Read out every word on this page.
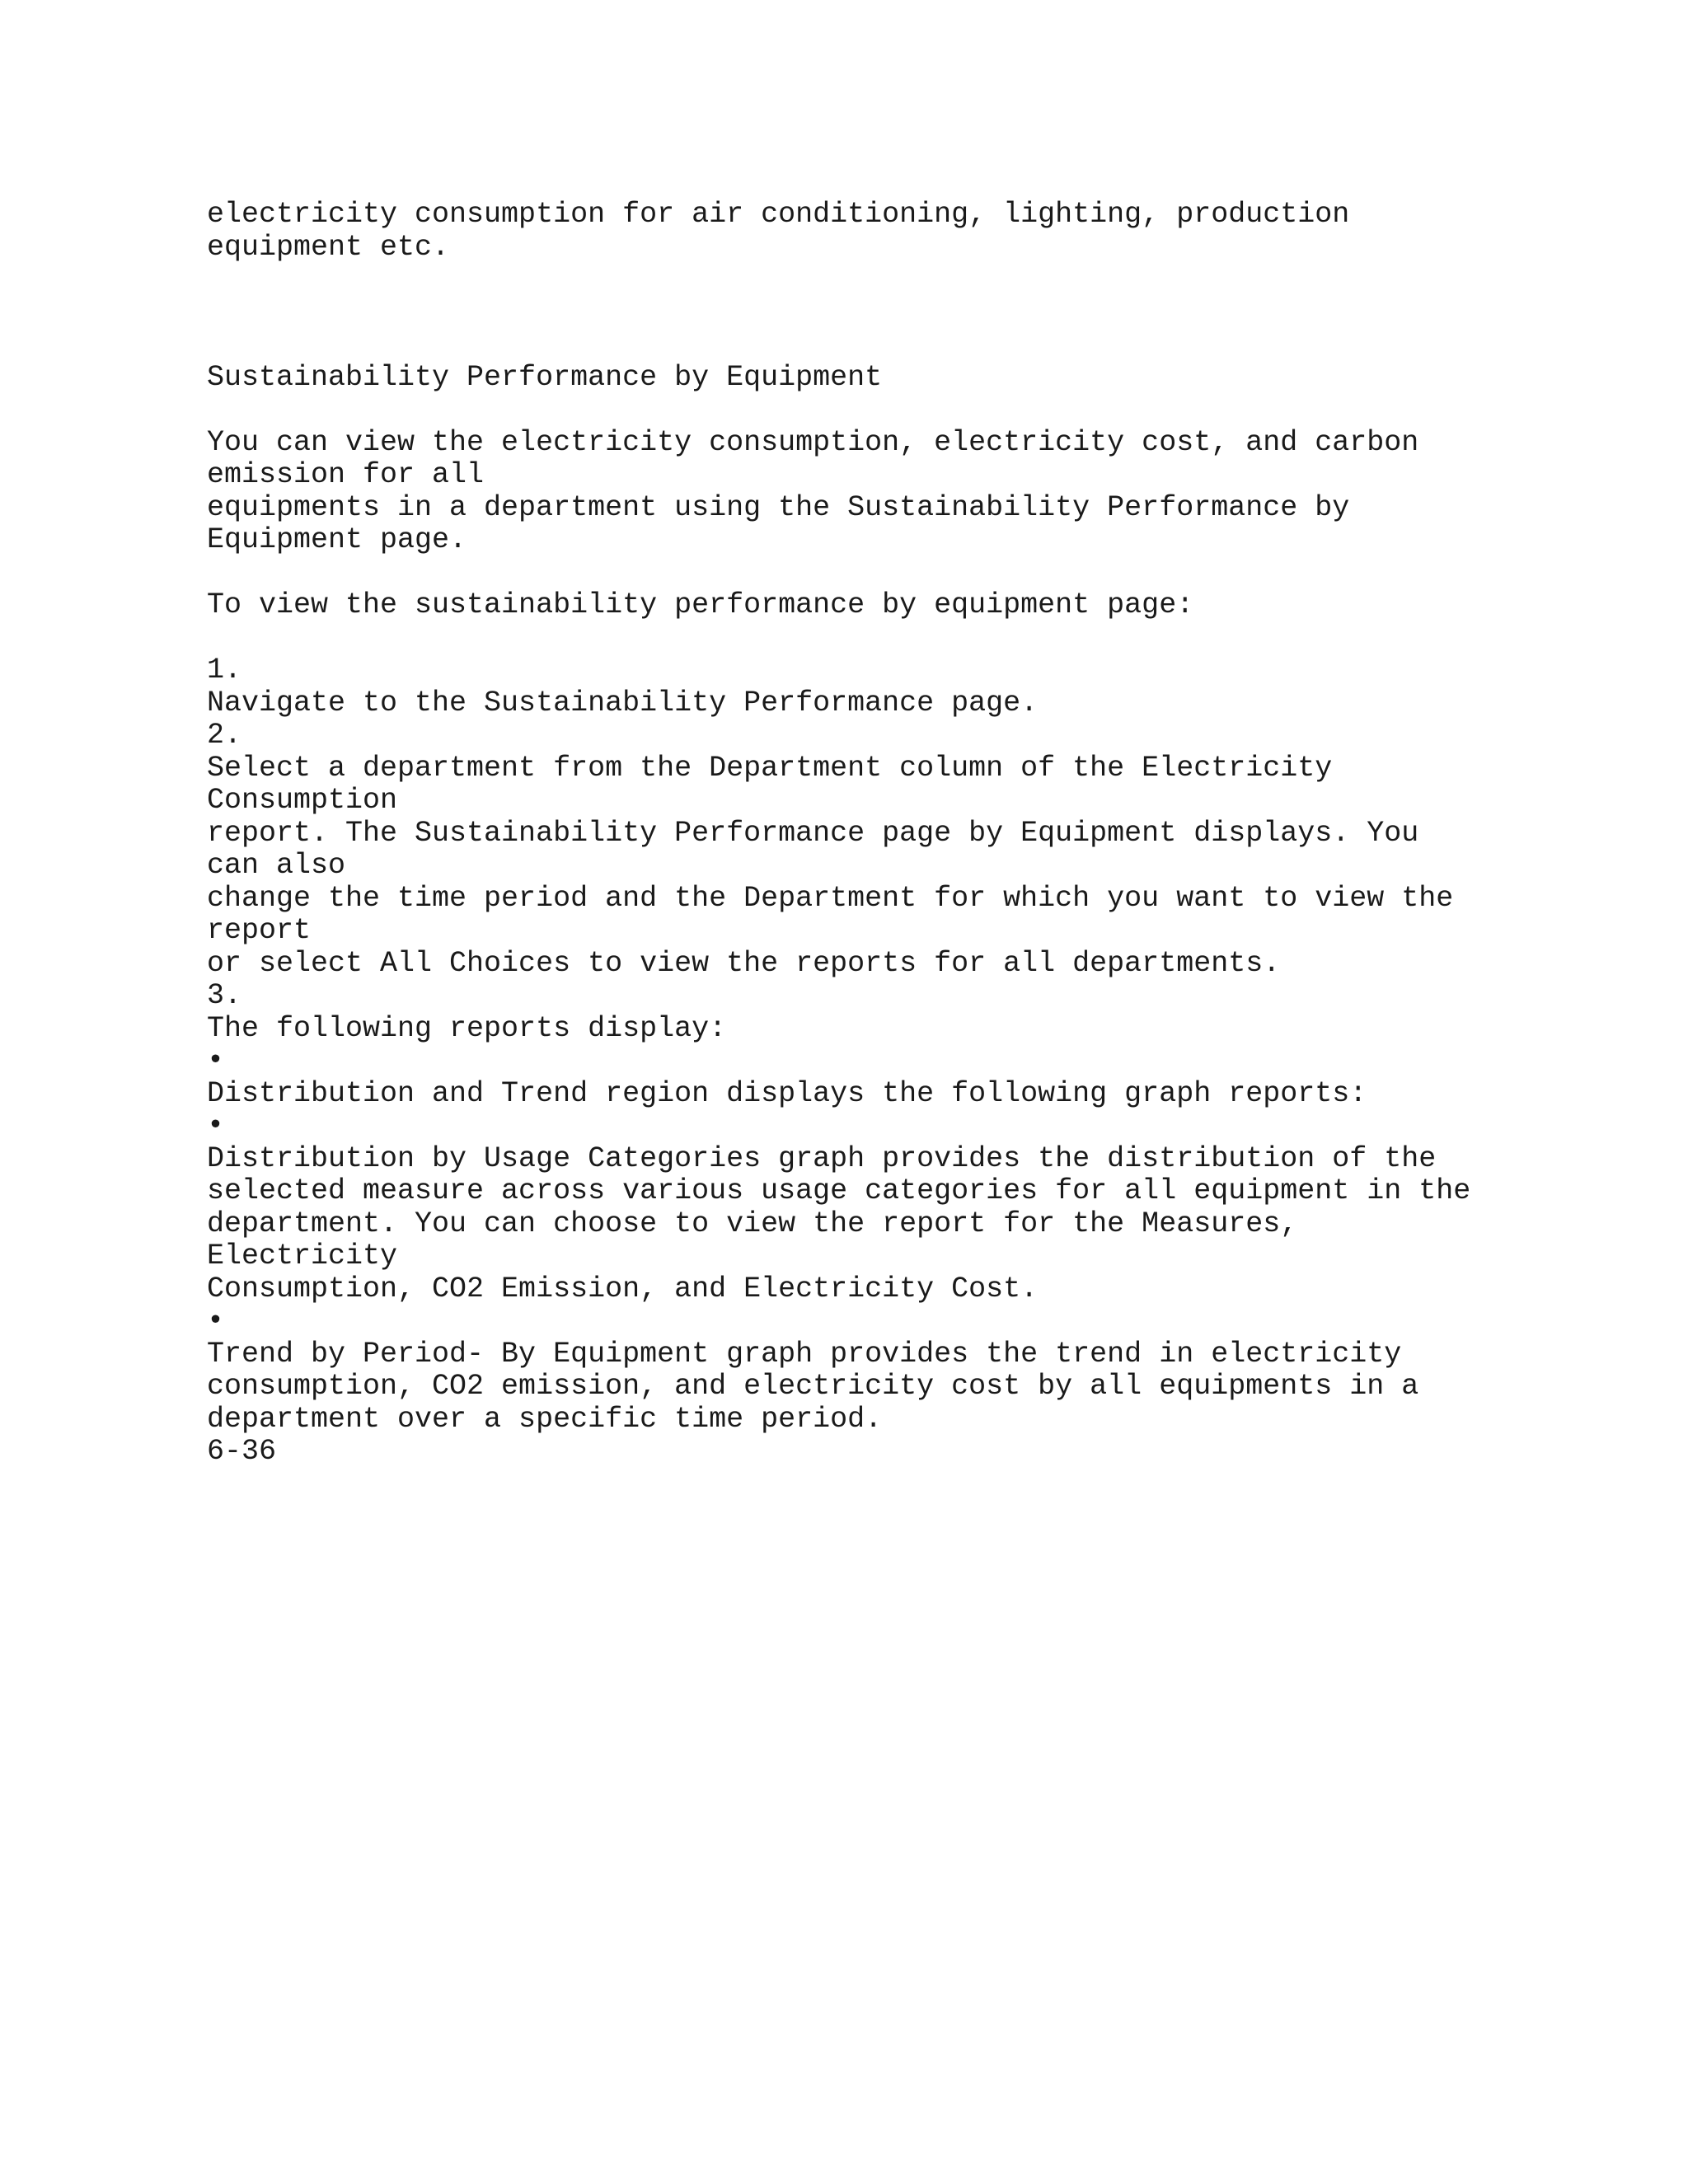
electricity consumption for air conditioning, lighting, production
equipment etc.
Sustainability Performance by Equipment
You can view the electricity consumption, electricity cost, and carbon
emission for all
equipments in a department using the Sustainability Performance by
Equipment page.
To view the sustainability performance by equipment page:
1.
Navigate to the Sustainability Performance page.
2.
Select a department from the Department column of the Electricity
Consumption
report. The Sustainability Performance page by Equipment displays. You
can also
change the time period and the Department for which you want to view the
report
or select All Choices to view the reports for all departments.
3.
The following reports display:
•
Distribution and Trend region displays the following graph reports:
•
Distribution by Usage Categories graph provides the distribution of the
selected measure across various usage categories for all equipment in the
department. You can choose to view the report for the Measures,
Electricity
Consumption, CO2 Emission, and Electricity Cost.
•
Trend by Period- By Equipment graph provides the trend in electricity
consumption, CO2 emission, and electricity cost by all equipments in a
department over a specific time period.
6-36
